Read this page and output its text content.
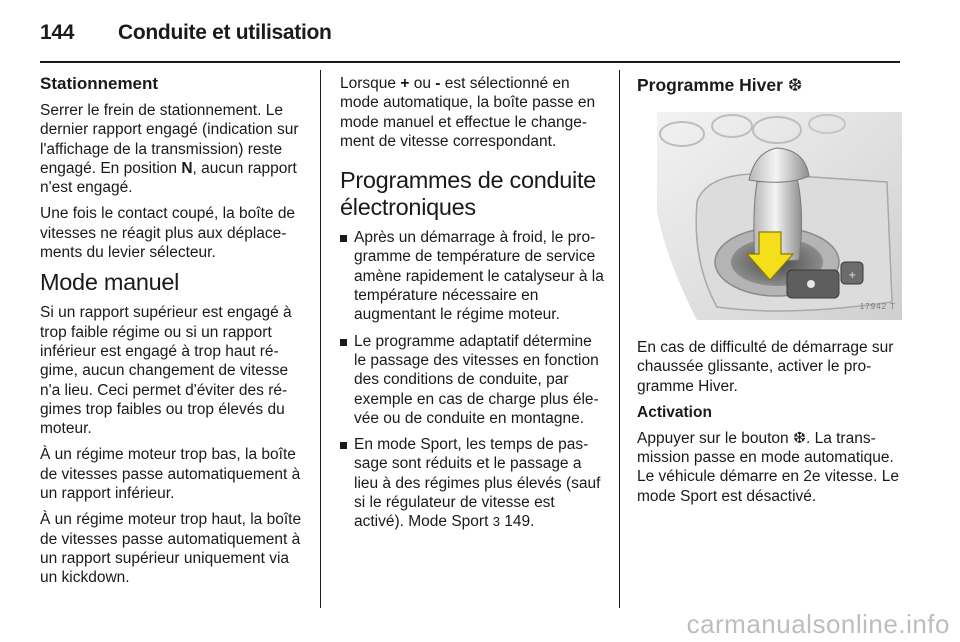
144	Conduite et utilisation

Stationnement

Serrer le frein de stationnement. Le dernier rapport engagé (indication sur l'affichage de la transmission) reste engagé. En position N, aucun rapport n'est engagé.

Une fois le contact coupé, la boîte de vitesses ne réagit plus aux déplace- ments du levier sélecteur.

Mode manuel

Si un rapport supérieur est engagé à trop faible régime ou si un rapport inférieur est engagé à trop haut ré- gime, aucun changement de vitesse n'a lieu. Ceci permet d'éviter des ré- gimes trop faibles ou trop élevés du moteur.

À un régime moteur trop bas, la boîte de vitesses passe automatiquement à un rapport inférieur.

À un régime moteur trop haut, la boîte de vitesses passe automatiquement à un rapport supérieur uniquement via un kickdown.

Lorsque + ou - est sélectionné en mode automatique, la boîte passe en mode manuel et effectue le change- ment de vitesse correspondant.

Programmes de conduite électroniques

Après un démarrage à froid, le pro- gramme de température de service amène rapidement le catalyseur à la température nécessaire en augmentant le régime moteur.
Le programme adaptatif détermine le passage des vitesses en fonction des conditions de conduite, par exemple en cas de charge plus éle- vée ou de conduite en montagne.
En mode Sport, les temps de pas- sage sont réduits et le passage a lieu à des régimes plus élevés (sauf si le régulateur de vitesse est activé). Mode Sport 3 149.

Programme Hiver ❆

+
17942 T

En cas de difficulté de démarrage sur chaussée glissante, activer le pro- gramme Hiver.

Activation

Appuyer sur le bouton ❆. La trans- mission passe en mode automatique. Le véhicule démarre en 2e vitesse. Le mode Sport est désactivé.

carmanualsonline.info
